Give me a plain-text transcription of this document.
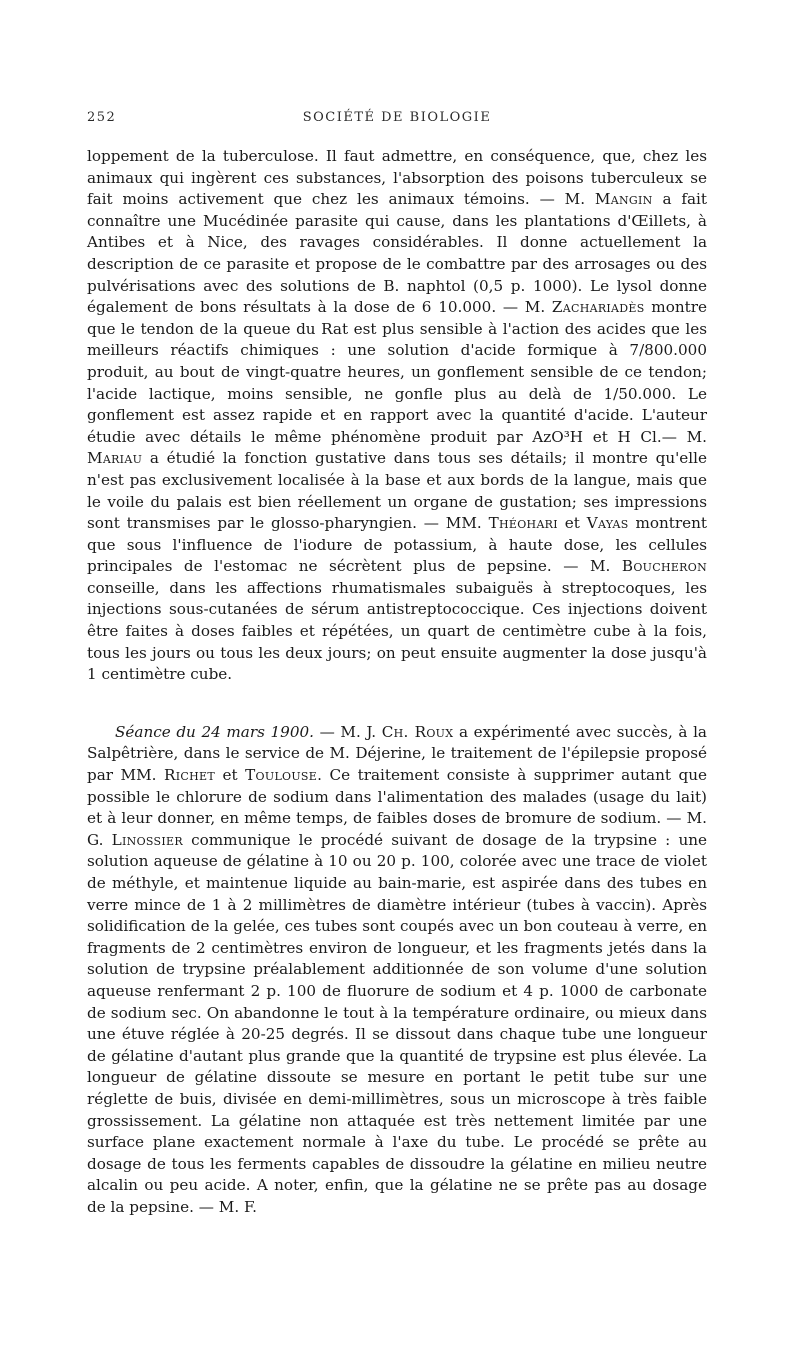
252	SOCIÉTÉ DE BIOLOGIE

loppement de la tuberculose. Il faut admettre, en conséquence, que, chez les animaux qui ingèrent ces substances, l'absorption des poisons tuberculeux se fait moins activement que chez les animaux témoins. — M. Mangin a fait connaître une Mucédinée parasite qui cause, dans les plantations d'Œillets, à Antibes et à Nice, des ravages considérables. Il donne actuellement la description de ce parasite et propose de le combattre par des arrosages ou des pulvérisations avec des solutions de B. naphtol (0,5 p. 1000). Le lysol donne également de bons résultats à la dose de 6 10.000. — M. Zachariadès montre que le tendon de la queue du Rat est plus sensible à l'action des acides que les meilleurs réactifs chimiques : une solution d'acide formique à 7/800.000 produit, au bout de vingt-quatre heures, un gonflement sensible de ce tendon; l'acide lactique, moins sensible, ne gonfle plus au delà de 1/50.000. Le gonflement est assez rapide et en rapport avec la quantité d'acide. L'auteur étudie avec détails le même phénomène produit par AzO³H et H Cl.— M. Mariau a étudié la fonction gustative dans tous ses détails; il montre qu'elle n'est pas exclusivement localisée à la base et aux bords de la langue, mais que le voile du palais est bien réellement un organe de gustation; ses impressions sont transmises par le glosso-pharyngien. — MM. Théohari et Vayas montrent que sous l'influence de l'iodure de potassium, à haute dose, les cellules principales de l'estomac ne sécrètent plus de pepsine. — M. Boucheron conseille, dans les affections rhumatismales subaiguës à streptocoques, les injections sous-cutanées de sérum antistreptococcique. Ces injections doivent être faites à doses faibles et répétées, un quart de centimètre cube à la fois, tous les jours ou tous les deux jours; on peut ensuite augmenter la dose jusqu'à 1 centimètre cube.

Séance du 24 mars 1900. — M. J. Ch. Roux a expérimenté avec succès, à la Salpêtrière, dans le service de M. Déjerine, le traitement de l'épilepsie proposé par MM. Richet et Toulouse. Ce traitement consiste à supprimer autant que possible le chlorure de sodium dans l'alimentation des malades (usage du lait) et à leur donner, en même temps, de faibles doses de bromure de sodium. — M. G. Linossier communique le procédé suivant de dosage de la trypsine : une solution aqueuse de gélatine à 10 ou 20 p. 100, colorée avec une trace de violet de méthyle, et maintenue liquide au bain-marie, est aspirée dans des tubes en verre mince de 1 à 2 millimètres de diamètre intérieur (tubes à vaccin). Après solidification de la gelée, ces tubes sont coupés avec un bon couteau à verre, en fragments de 2 centimètres environ de longueur, et les fragments jetés dans la solution de trypsine préalablement additionnée de son volume d'une solution aqueuse renfermant 2 p. 100 de fluorure de sodium et 4 p. 1000 de carbonate de sodium sec. On abandonne le tout à la température ordinaire, ou mieux dans une étuve réglée à 20-25 degrés. Il se dissout dans chaque tube une longueur de gélatine d'autant plus grande que la quantité de trypsine est plus élevée. La longueur de gélatine dissoute se mesure en portant le petit tube sur une réglette de buis, divisée en demi-millimètres, sous un microscope à très faible grossissement. La gélatine non attaquée est très nettement limitée par une surface plane exactement normale à l'axe du tube. Le procédé se prête au dosage de tous les ferments capables de dissoudre la gélatine en milieu neutre alcalin ou peu acide. A noter, enfin, que la gélatine ne se prête pas au dosage de la pepsine. — M. F.
